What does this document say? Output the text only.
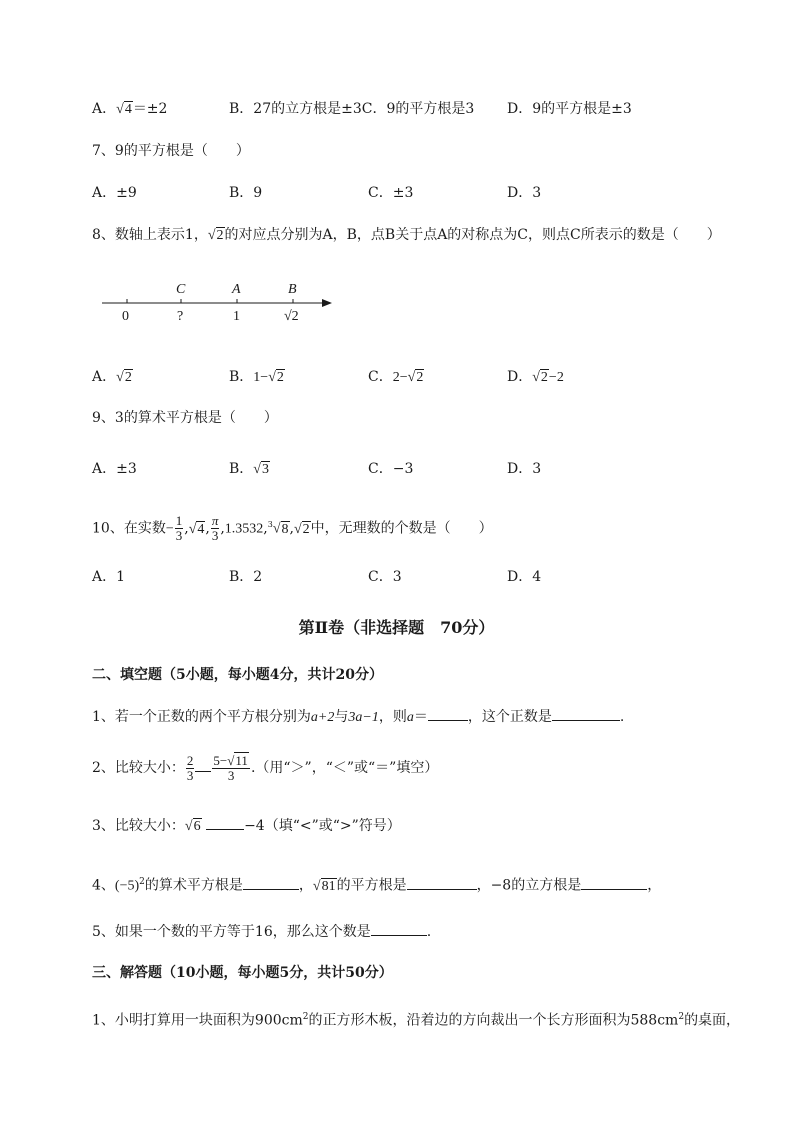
A．√4＝±2	B．27的立方根是±3C．9的平方根是3 D．9的平方根是±3
7、9的平方根是（　　）
A．±9	B．9	C．±3	D．3
8、数轴上表示1，√2的对应点分别为A，B，点B关于点A的对称点为C，则点C所表示的数是（　　）
C	A	B
0	?	1	√2
A．√2	B．1−√2	C．2−√2	D．√2−2
9、3的算术平方根是（　　）
A．±3	B．√3	C．−3	D．3
10、在实数− $\frac{1}{3} ,√4$, $\frac{\pi}{3} ,1.3532,^3√8,√2$中，无理数的个数是（　　）
A．1	B．2	C．3	D．4
第Ⅱ卷（非选择题　70分）
二、填空题（5小题，每小题4分，共计20分）
1、若一个正数的两个平方根分别为a+2与3a−1，则a＝	，这个正数是	.
2、比较大小： $\frac{2}{3} \frac{5-√11}{3}$ .（用“＞”，“＜”或“＝”填空）
3、比较大小：√6	−4（填“<”或“>”符号）
4、$(-5)^2$的算术平方根是	，√81的平方根是	，−8的立方根是	，
5、如果一个数的平方等于16，那么这个数是	.
三、解答题（10小题，每小题5分，共计50分）
1、小明打算用一块面积为$900cm^2$的正方形木板，沿着边的方向裁出一个长方形面积为$588cm^2$的桌面，
